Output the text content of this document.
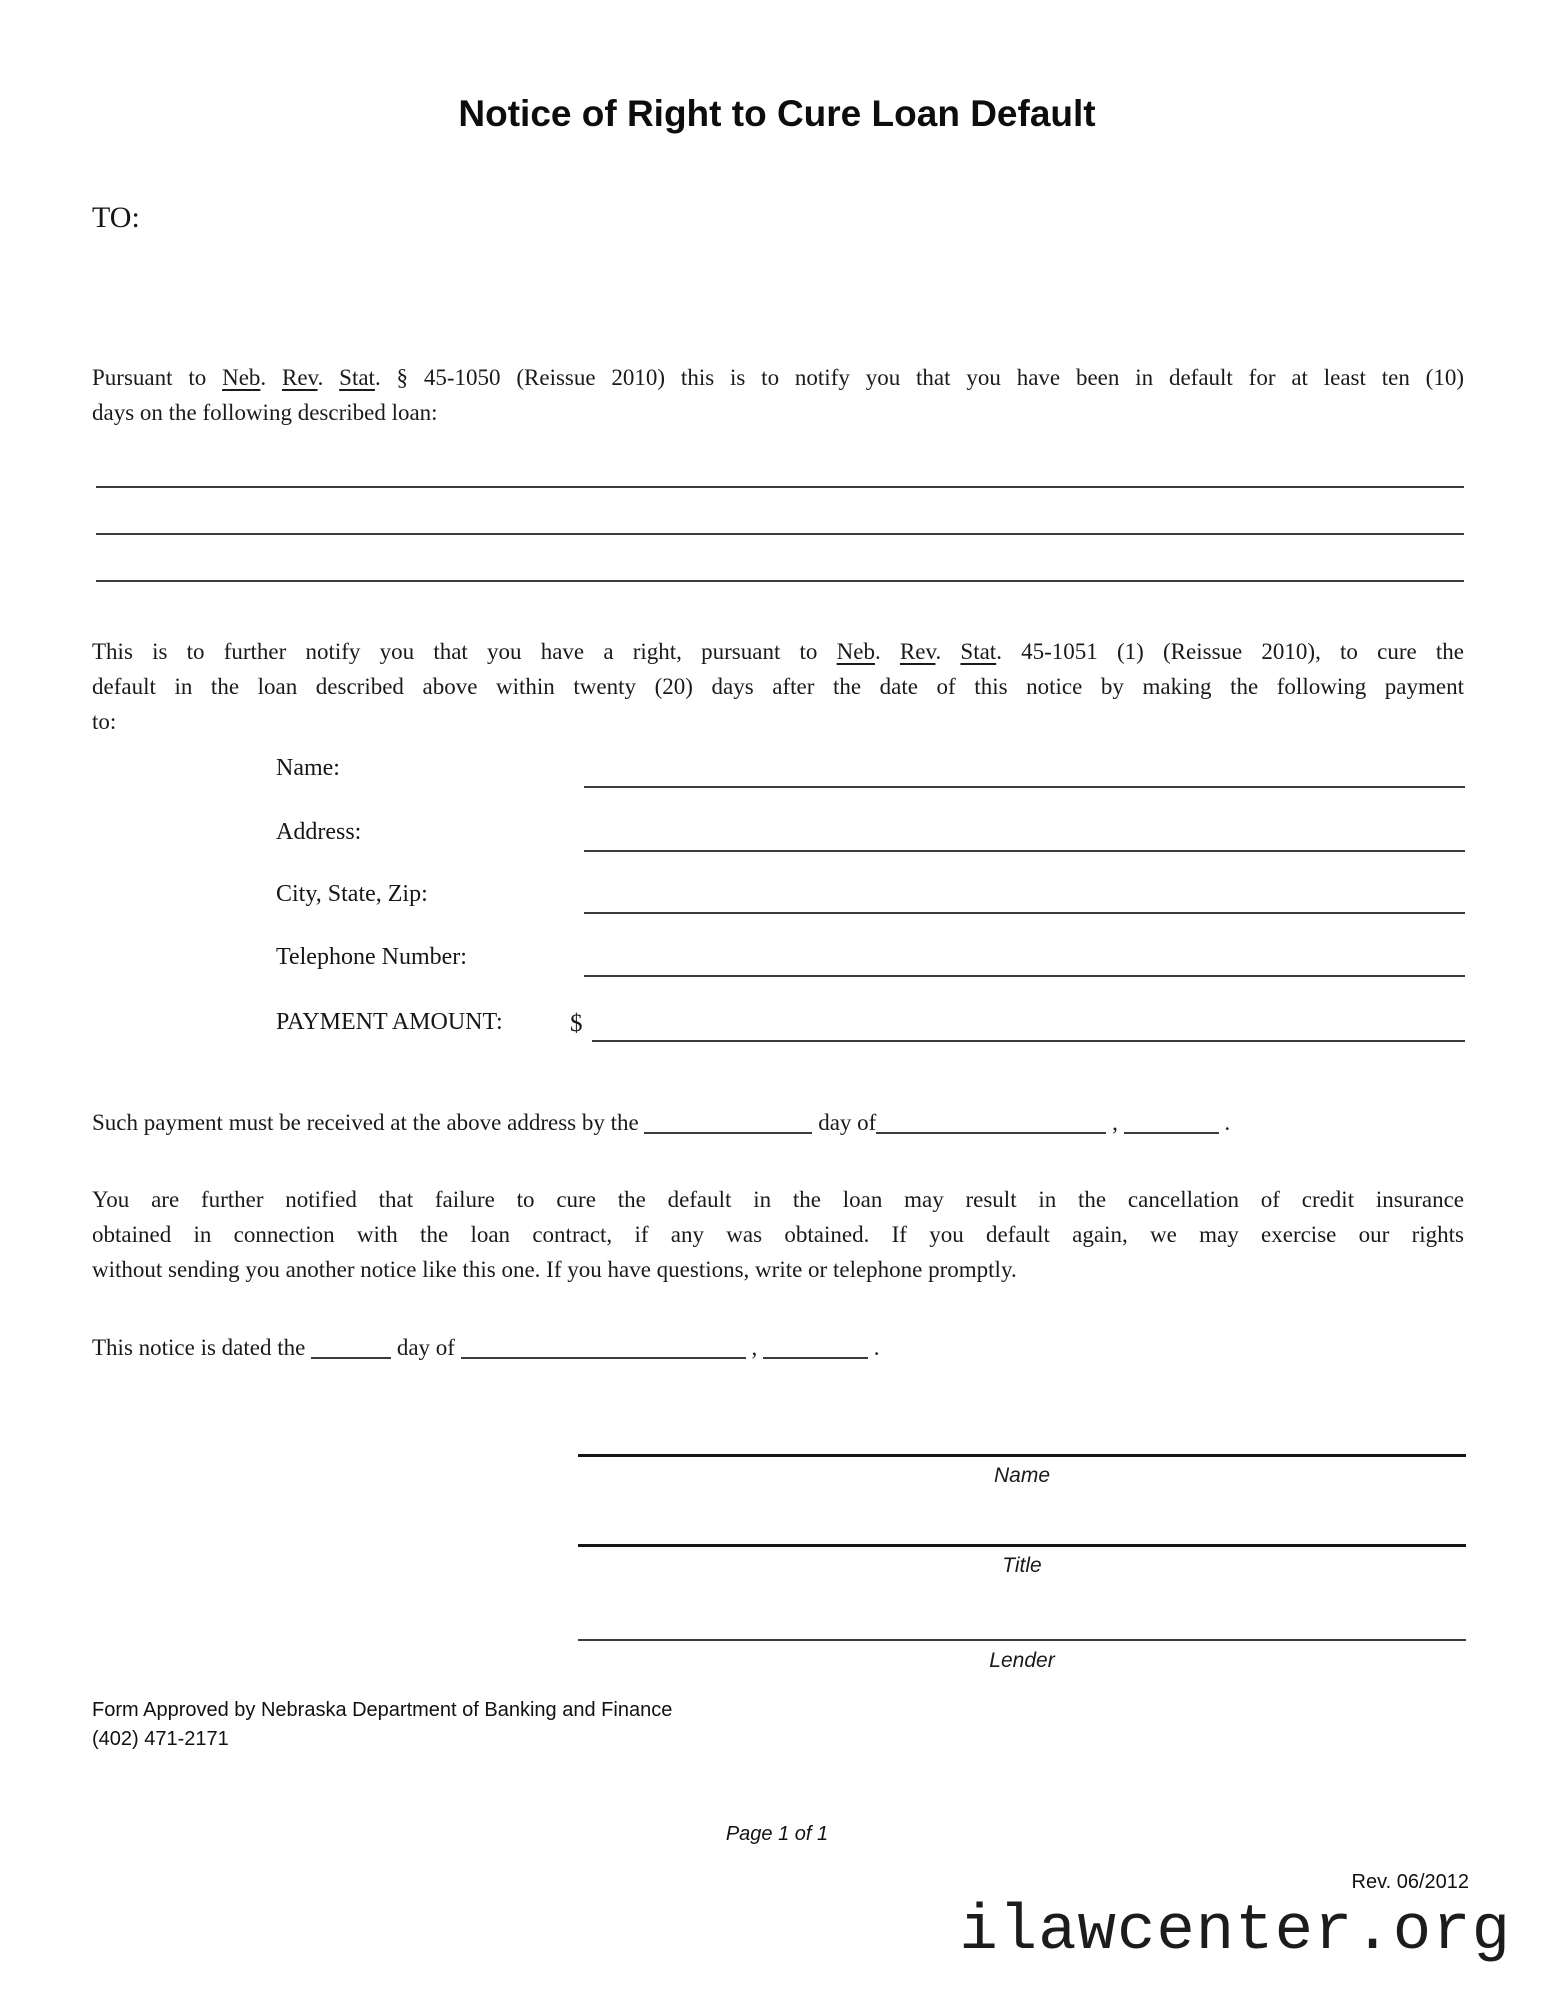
Notice of Right to Cure Loan Default
TO:
Pursuant to Neb. Rev. Stat. § 45-1050 (Reissue 2010) this is to notify you that you have been in default for at least ten (10)
days on the following described loan:
This is to further notify you that you have a right, pursuant to Neb. Rev. Stat. 45-1051 (1) (Reissue 2010), to cure the
default in the loan described above within twenty (20) days after the date of this notice by making the following payment
to:
Name:
Address:
City, State, Zip:
Telephone Number:
PAYMENT AMOUNT:	$
Such payment must be received at the above address by the	day of	,	.
You are further notified that failure to cure the default in the loan may result in the cancellation of credit insurance
obtained in connection with the loan contract, if any was obtained. If you default again, we may exercise our rights
without sending you another notice like this one. If you have questions, write or telephone promptly.
This notice is dated the	day of	,	.
Name
Title
Lender
Form Approved by Nebraska Department of Banking and Finance
(402) 471-2171
Page 1 of 1
Rev. 06/2012
ilawcenter.org
